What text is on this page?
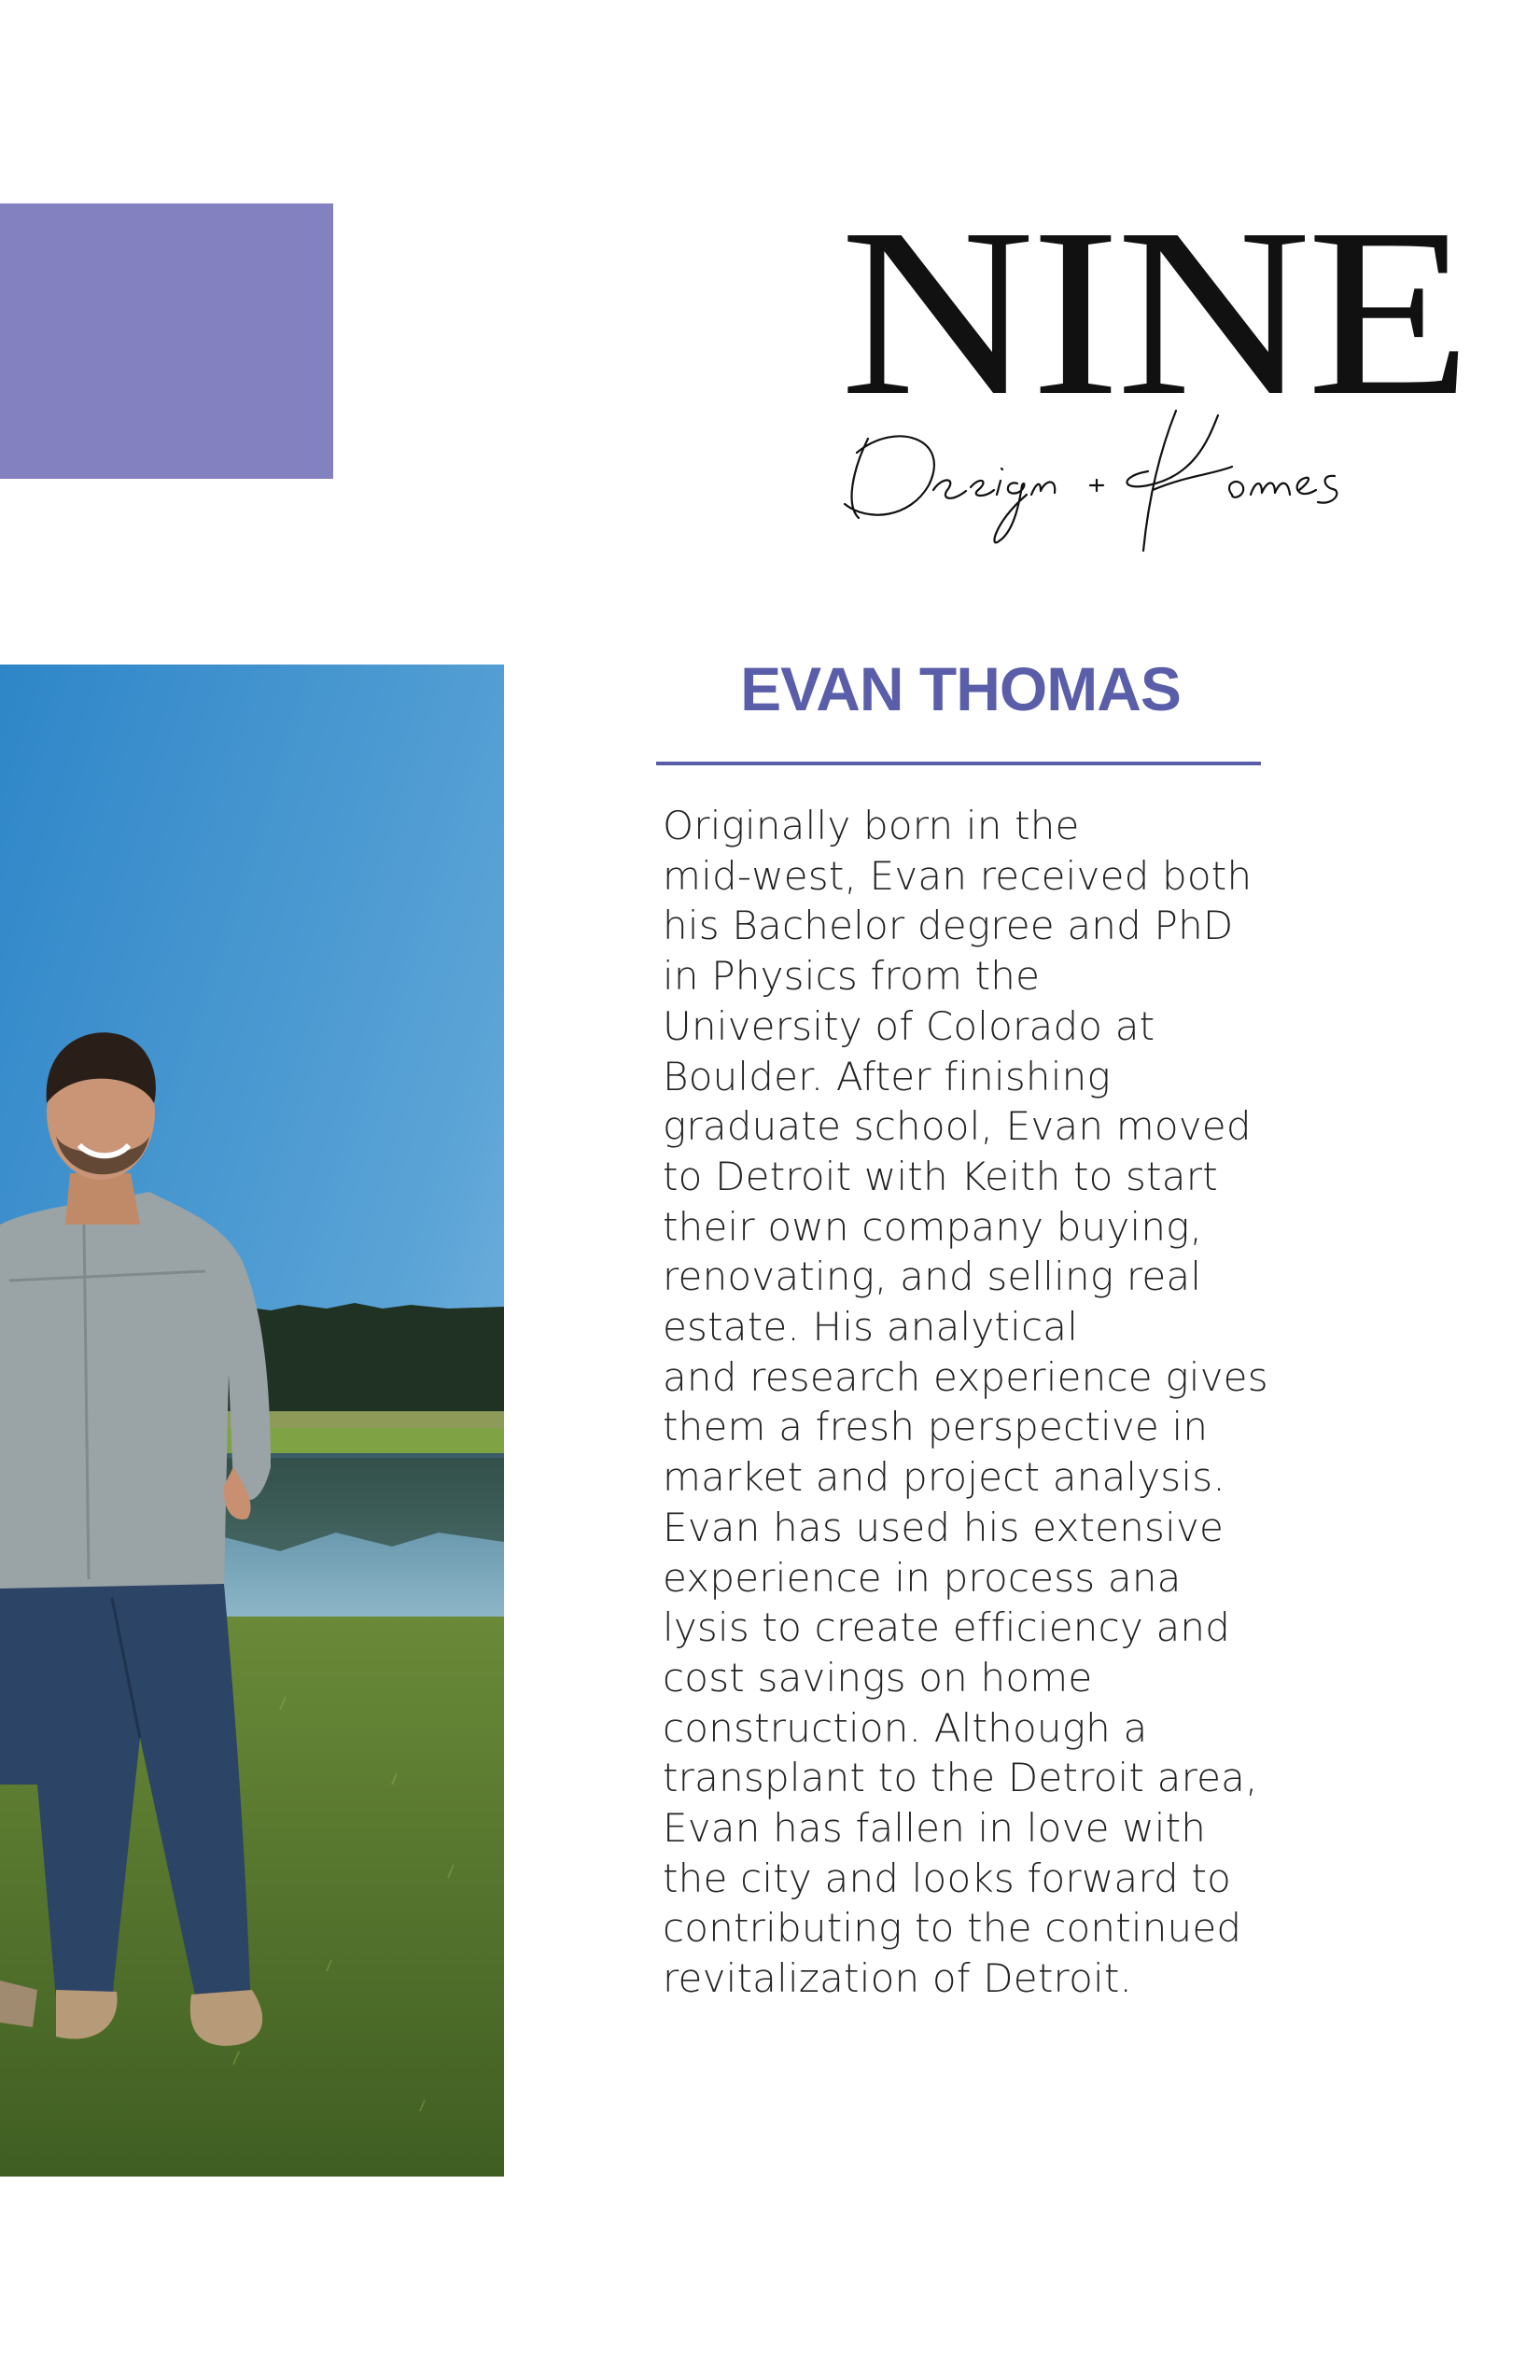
NINE
EVAN THOMAS
Originally born in the
mid-west, Evan received both
his Bachelor degree and PhD
in Physics from the
University of Colorado at
Boulder. After finishing
graduate school, Evan moved
to Detroit with Keith to start
their own company buying,
renovating, and selling real
estate. His analytical
and research experience gives
them a fresh perspective in
market and project analysis.
Evan has used his extensive
experience in process ana
lysis to create efficiency and
cost savings on home
construction. Although a
transplant to the Detroit area,
Evan has fallen in love with
the city and looks forward to
contributing to the continued
revitalization of Detroit.
